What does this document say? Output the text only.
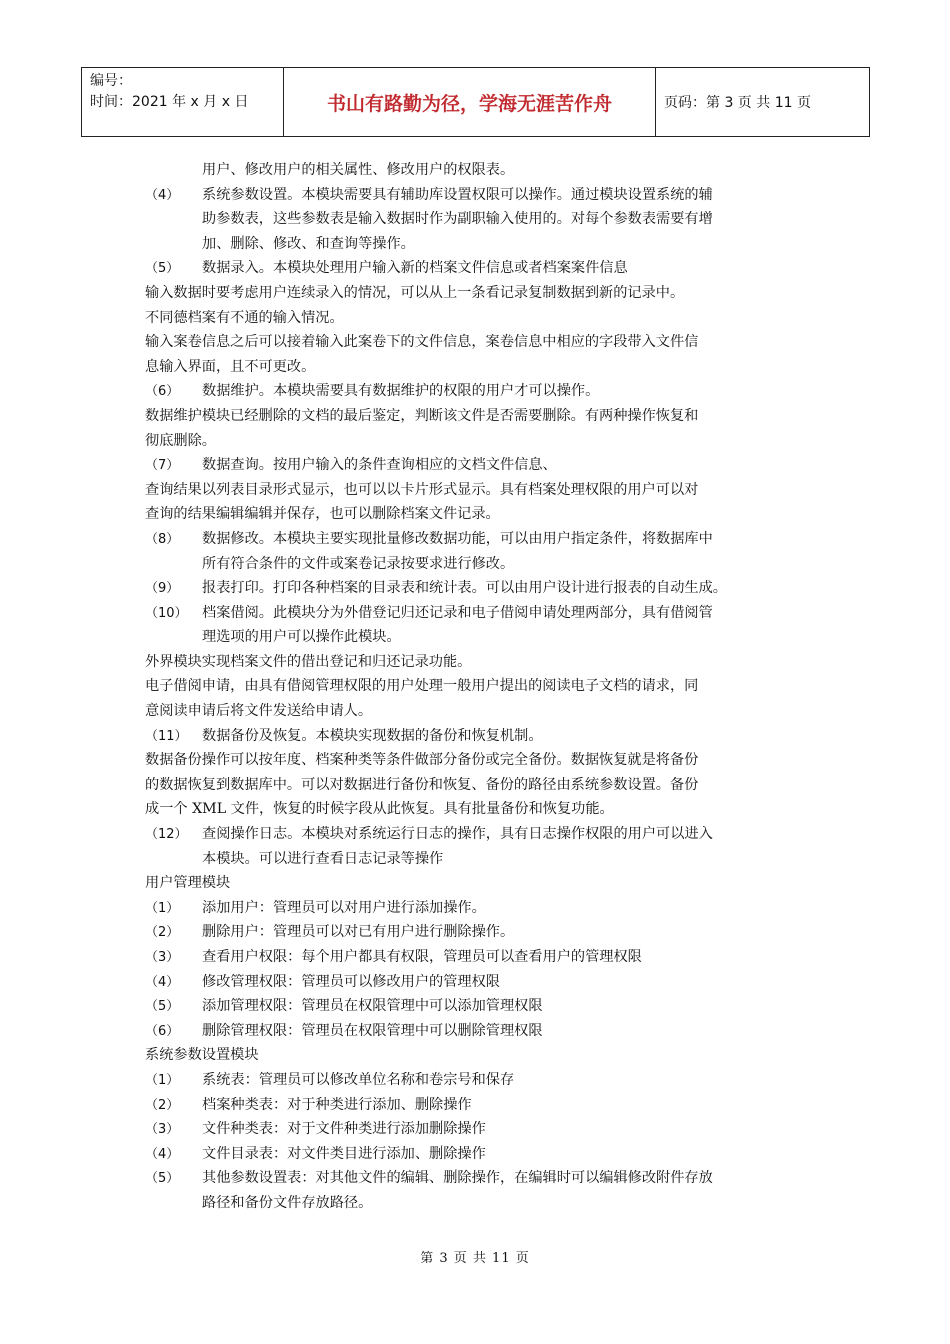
编号：
时间：2021 年 x 月 x 日	书山有路勤为径，学海无涯苦作舟	页码：第 3 页 共 11 页
用户、修改用户的相关属性、修改用户的权限表。
（4） 系统参数设置。本模块需要具有辅助库设置权限可以操作。通过模块设置系统的辅
助参数表，这些参数表是输入数据时作为副职输入使用的。对每个参数表需要有增
加、删除、修改、和查询等操作。
（5） 数据录入。本模块处理用户输入新的档案文件信息或者档案案件信息
输入数据时要考虑用户连续录入的情况，可以从上一条看记录复制数据到新的记录中。
不同德档案有不通的输入情况。
输入案卷信息之后可以接着输入此案卷下的文件信息，案卷信息中相应的字段带入文件信
息输入界面，且不可更改。
（6） 数据维护。本模块需要具有数据维护的权限的用户才可以操作。
数据维护模块已经删除的文档的最后鉴定，判断该文件是否需要删除。有两种操作恢复和
彻底删除。
（7） 数据查询。按用户输入的条件查询相应的文档文件信息、
查询结果以列表目录形式显示，也可以以卡片形式显示。具有档案处理权限的用户可以对
查询的结果编辑编辑并保存，也可以删除档案文件记录。
（8） 数据修改。本模块主要实现批量修改数据功能，可以由用户指定条件，将数据库中
所有符合条件的文件或案卷记录按要求进行修改。
（9） 报表打印。打印各种档案的目录表和统计表。可以由用户设计进行报表的自动生成。
（10） 档案借阅。此模块分为外借登记归还记录和电子借阅申请处理两部分，具有借阅管
理选项的用户可以操作此模块。
外界模块实现档案文件的借出登记和归还记录功能。
电子借阅申请，由具有借阅管理权限的用户处理一般用户提出的阅读电子文档的请求，同
意阅读申请后将文件发送给申请人。
（11） 数据备份及恢复。本模块实现数据的备份和恢复机制。
数据备份操作可以按年度、档案种类等条件做部分备份或完全备份。数据恢复就是将备份
的数据恢复到数据库中。可以对数据进行备份和恢复、备份的路径由系统参数设置。备份
成一个 XML 文件，恢复的时候字段从此恢复。具有批量备份和恢复功能。
（12） 查阅操作日志。本模块对系统运行日志的操作，具有日志操作权限的用户可以进入
本模块。可以进行查看日志记录等操作
用户管理模块
（1） 添加用户：管理员可以对用户进行添加操作。
（2） 删除用户：管理员可以对已有用户进行删除操作。
（3） 查看用户权限：每个用户都具有权限，管理员可以查看用户的管理权限
（4） 修改管理权限：管理员可以修改用户的管理权限
（5） 添加管理权限：管理员在权限管理中可以添加管理权限
（6） 删除管理权限：管理员在权限管理中可以删除管理权限
系统参数设置模块
（1） 系统表：管理员可以修改单位名称和卷宗号和保存
（2） 档案种类表：对于种类进行添加、删除操作
（3） 文件种类表：对于文件种类进行添加删除操作
（4） 文件目录表：对文件类目进行添加、删除操作
（5） 其他参数设置表：对其他文件的编辑、删除操作，在编辑时可以编辑修改附件存放
路径和备份文件存放路径。
第 3 页 共 11 页
